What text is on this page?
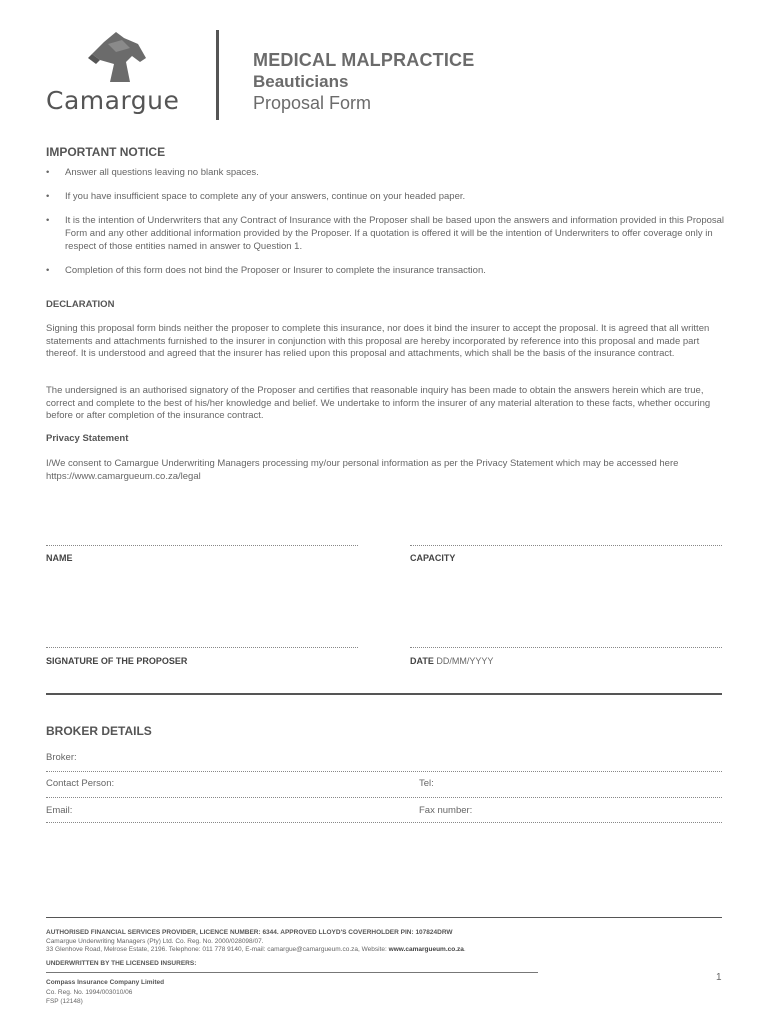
Camargue
MEDICAL MALPRACTICE
Beauticians
Proposal Form
IMPORTANT NOTICE
•	Answer all questions leaving no blank spaces.
•	If you have insufficient space to complete any of your answers, continue on your headed paper.
•	It is the intention of Underwriters that any Contract of Insurance with the Proposer shall be based upon the answers and information provided in this Proposal Form and any other additional information provided by the Proposer. If a quotation is offered it will be the intention of Underwriters to offer coverage only in respect of those entities named in answer to Question 1.
•	Completion of this form does not bind the Proposer or Insurer to complete the insurance transaction.
DECLARATION
Signing this proposal form binds neither the proposer to complete this insurance, nor does it bind the insurer to accept the proposal. It is agreed that all written statements and attachments furnished to the insurer in conjunction with this proposal are hereby incorporated by reference into this proposal and made part thereof. It is understood and agreed that the insurer has relied upon this proposal and attachments, which shall be the basis of the insurance contract.
The undersigned is an authorised signatory of the Proposer and certifies that reasonable inquiry has been made to obtain the answers herein which are true, correct and complete to the best of his/her knowledge and belief. We undertake to inform the insurer of any material alteration to these facts, whether occuring before or after completion of the insurance contract.
Privacy Statement
I/We consent to Camargue Underwriting Managers processing my/our personal information as per the Privacy Statement which may be accessed here https://www.camargueum.co.za/legal
NAME	CAPACITY
SIGNATURE OF THE PROPOSER	DATE DD/MM/YYYY
BROKER DETAILS
Broker:
Contact Person:	Tel:
Email:	Fax number:
AUTHORISED FINANCIAL SERVICES PROVIDER, LICENCE NUMBER: 6344. APPROVED LLOYD'S COVERHOLDER PIN: 107824DRW
Camargue Underwriting Managers (Pty) Ltd. Co. Reg. No. 2000/028098/07.
33 Glenhove Road, Melrose Estate, 2196. Telephone: 011 778 9140, E-mail: camargue@camargueum.co.za, Website: www.camargueum.co.za.
UNDERWRITTEN BY THE LICENSED INSURERS:
Compass Insurance Company Limited
Co. Reg. No. 1994/003010/06
FSP (12148)
1
